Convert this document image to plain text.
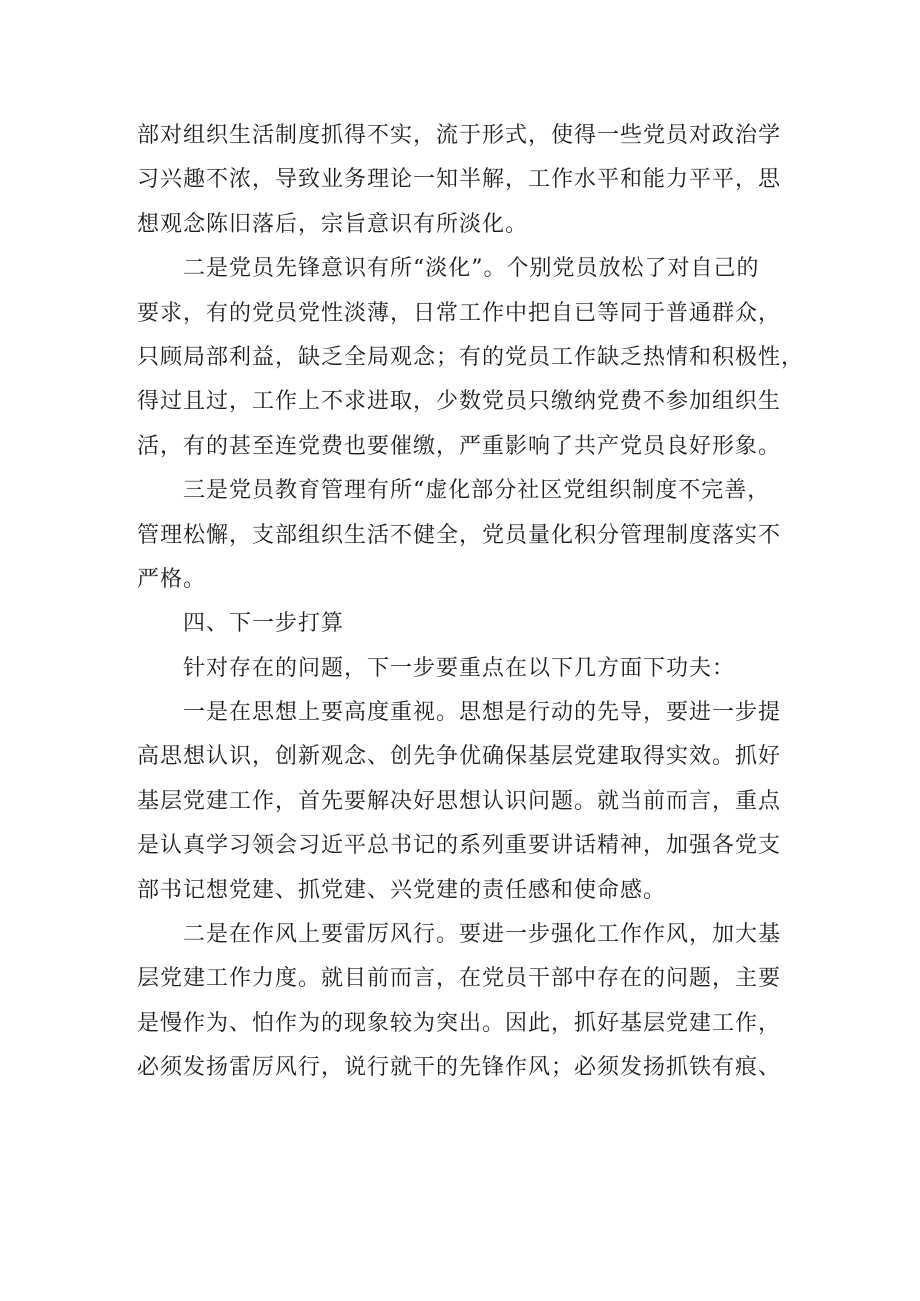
部对组织生活制度抓得不实，流于形式，使得一些党员对政治学
习兴趣不浓，导致业务理论一知半解，工作水平和能力平平，思
想观念陈旧落后，宗旨意识有所淡化。
二是党员先锋意识有所“淡化”。个别党员放松了对自己的
要求，有的党员党性淡薄，日常工作中把自已等同于普通群众，
只顾局部利益，缺乏全局观念；有的党员工作缺乏热情和积极性，
得过且过，工作上不求进取，少数党员只缴纳党费不参加组织生
活，有的甚至连党费也要催缴，严重影响了共产党员良好形象。
三是党员教育管理有所“虚化部分社区党组织制度不完善，
管理松懈，支部组织生活不健全，党员量化积分管理制度落实不
严格。
四、下一步打算
针对存在的问题，下一步要重点在以下几方面下功夫：
一是在思想上要高度重视。思想是行动的先导，要进一步提
高思想认识，创新观念、创先争优确保基层党建取得实效。抓好
基层党建工作，首先要解决好思想认识问题。就当前而言，重点
是认真学习领会习近平总书记的系列重要讲话精神，加强各党支
部书记想党建、抓党建、兴党建的责任感和使命感。
二是在作风上要雷厉风行。要进一步强化工作作风，加大基
层党建工作力度。就目前而言，在党员干部中存在的问题，主要
是慢作为、怕作为的现象较为突出。因此，抓好基层党建工作，
必须发扬雷厉风行，说行就干的先锋作风；必须发扬抓铁有痕、
